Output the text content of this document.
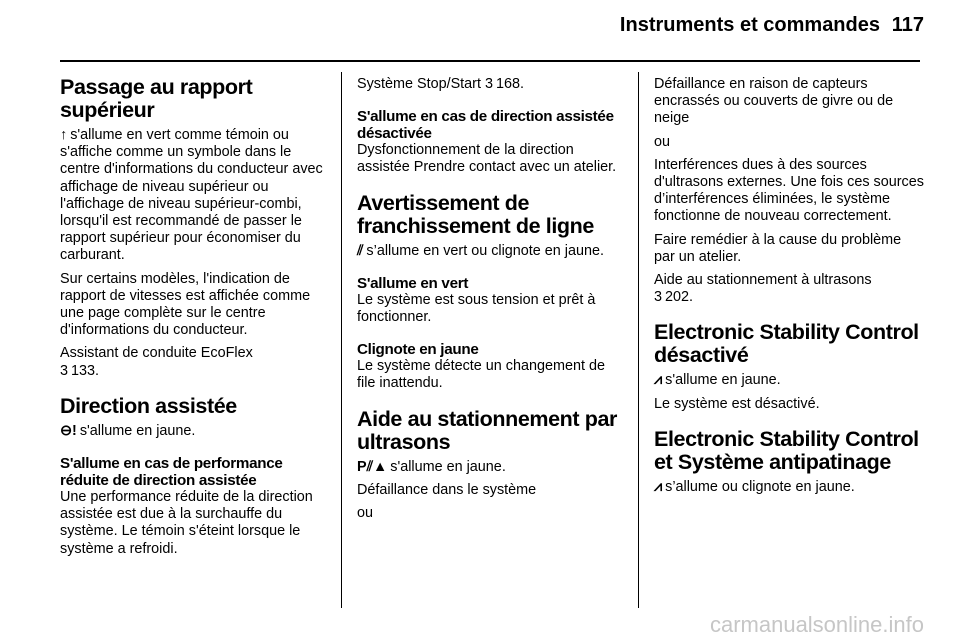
Instruments et commandes 117
Passage au rapport supérieur

↑ s'allume en vert comme témoin ou s'affiche comme un symbole dans le centre d'informations du conducteur avec affichage de niveau supérieur ou l'affichage de niveau supérieur-combi, lorsqu'il est recommandé de passer le rapport supérieur pour économiser du carburant.

Sur certains modèles, l'indication de rapport de vitesses est affichée comme une page complète sur le centre d'informations du conducteur.

Assistant de conduite EcoFlex
3 133.

Direction assistée

⊖! s'allume en jaune.

S'allume en cas de performance réduite de direction assistée

Une performance réduite de la direction assistée est due à la surchauffe du système. Le témoin s'éteint lorsque le système a refroidi.

Système Stop/Start 3 168.

S'allume en cas de direction assistée désactivée

Dysfonctionnement de la direction assistée Prendre contact avec un atelier.

Avertissement de franchissement de ligne

⫽ s’allume en vert ou clignote en jaune.

S'allume en vert

Le système est sous tension et prêt à fonctionner.

Clignote en jaune

Le système détecte un changement de file inattendu.

Aide au stationnement par ultrasons

P⫽▲ s'allume en jaune.

Défaillance dans le système

ou

Défaillance en raison de capteurs encrassés ou couverts de givre ou de neige

ou

Interférences dues à des sources d'ultrasons externes. Une fois ces sources d’interférences éliminées, le système fonctionne de nouveau correctement.

Faire remédier à la cause du problème par un atelier.

Aide au stationnement à ultrasons
3 202.

Electronic Stability Control désactivé

⩘ s'allume en jaune.

Le système est désactivé.

Electronic Stability Control et Système antipatinage

⩘ s’allume ou clignote en jaune.

carmanualsonline.info
